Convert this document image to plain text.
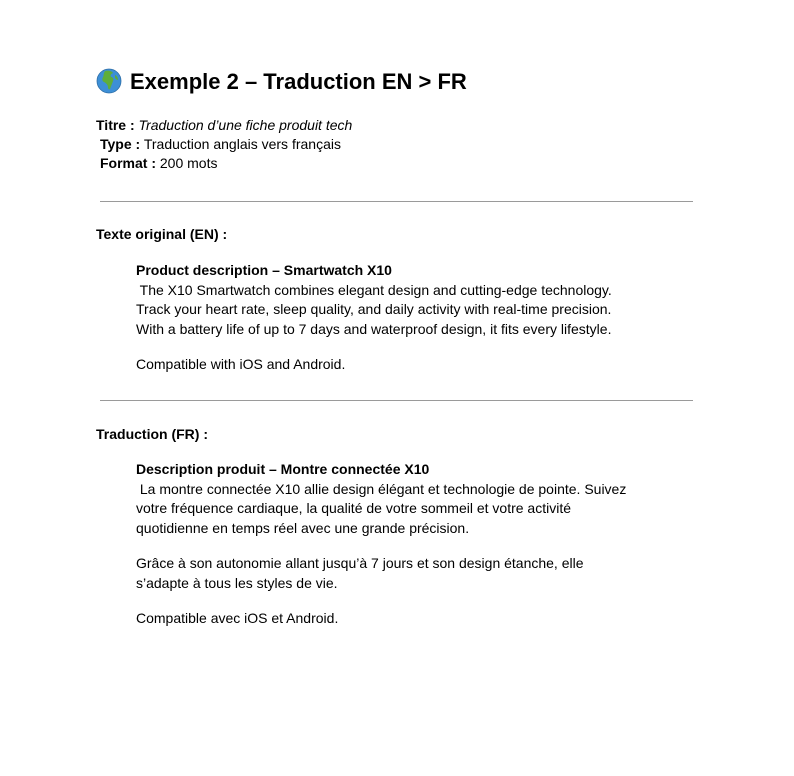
Exemple 2 – Traduction EN > FR
Titre : Traduction d’une fiche produit tech
Type : Traduction anglais vers français
Format : 200 mots
Texte original (EN) :
Product description – Smartwatch X10
The X10 Smartwatch combines elegant design and cutting-edge technology.
Track your heart rate, sleep quality, and daily activity with real-time precision.
With a battery life of up to 7 days and waterproof design, it fits every lifestyle.
Compatible with iOS and Android.
Traduction (FR) :
Description produit – Montre connectée X10
La montre connectée X10 allie design élégant et technologie de pointe. Suivez
votre fréquence cardiaque, la qualité de votre sommeil et votre activité
quotidienne en temps réel avec une grande précision.
Grâce à son autonomie allant jusqu’à 7 jours et son design étanche, elle
s’adapte à tous les styles de vie.
Compatible avec iOS et Android.
